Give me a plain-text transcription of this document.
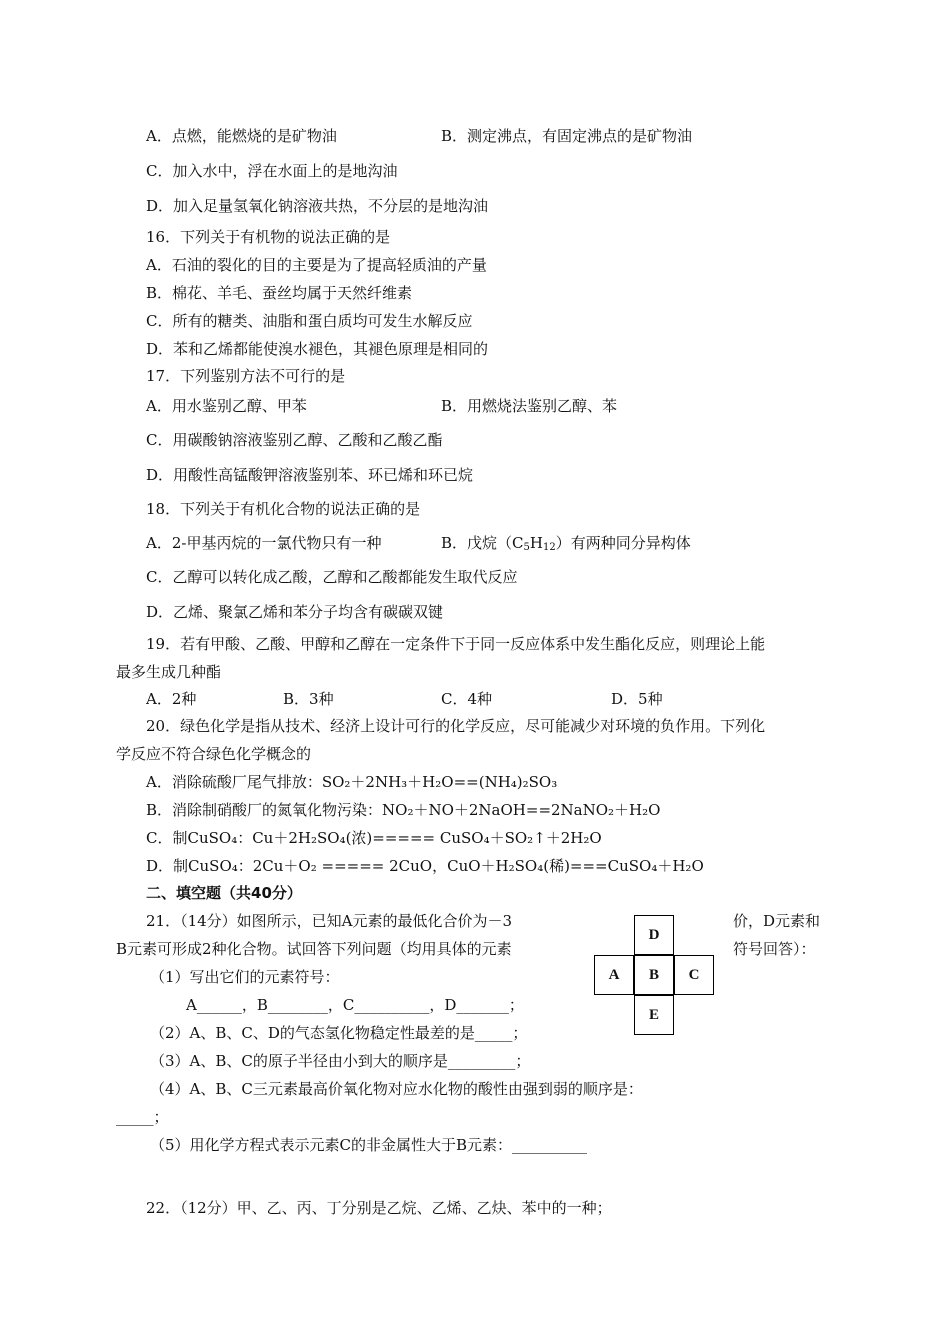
A．点燃，能燃烧的是矿物油	B．测定沸点，有固定沸点的是矿物油
C．加入水中，浮在水面上的是地沟油
D．加入足量氢氧化钠溶液共热，不分层的是地沟油
16．下列关于有机物的说法正确的是
A．石油的裂化的目的主要是为了提高轻质油的产量
B．棉花、羊毛、蚕丝均属于天然纤维素
C．所有的糖类、油脂和蛋白质均可发生水解反应
D．苯和乙烯都能使溴水褪色，其褪色原理是相同的
17．下列鉴别方法不可行的是
A．用水鉴别乙醇、甲苯	B．用燃烧法鉴别乙醇、苯
C．用碳酸钠溶液鉴别乙醇、乙酸和乙酸乙酯
D．用酸性高锰酸钾溶液鉴别苯、环已烯和环已烷
18．下列关于有机化合物的说法正确的是
A．2-甲基丙烷的一氯代物只有一种	B．戊烷$(C_5H_{12})$有两种同分异构体
C．乙醇可以转化成乙酸，乙醇和乙酸都能发生取代反应
D．乙烯、聚氯乙烯和苯分子均含有碳碳双键
19．若有甲酸、乙酸、甲醇和乙醇在一定条件下于同一反应体系中发生酯化反应，则理论上能
最多生成几种酯
A．2种	B．3种	C．4种	D．5种
20．绿色化学是指从技术、经济上设计可行的化学反应，尽可能减少对环境的负作用。下列化
学反应不符合绿色化学概念的
A．消除硫酸厂尾气排放：SO₂＋2NH₃＋H₂O==(NH₄)₂SO₃
B．消除制硝酸厂的氮氧化物污染：NO₂＋NO＋2NaOH==2NaNO₂＋H₂O
C．制CuSO₄：Cu＋2H₂SO₄(浓)===== CuSO₄＋SO₂↑＋2H₂O
D．制CuSO₄：2Cu＋O₂ ===== 2CuO，CuO＋H₂SO₄(稀)===CuSO₄＋H₂O
二、填空题（共40分）
21．（14分）如图所示，已知A元素的最低化合价为－3	价，D元素和
B元素可形成2种化合物。试回答下列问题（均用具体的元素	符号回答）：
D
A	B	C
E
（1）写出它们的元素符号：
A______，B________，C__________，D_______；
（2）A、B、C、D的气态氢化物稳定性最差的是_____；
（3）A、B、C的原子半径由小到大的顺序是_________；
（4）A、B、C三元素最高价氧化物对应水化物的酸性由强到弱的顺序是：
_____；
（5）用化学方程式表示元素C的非金属性大于B元素：__________
22．（12分）甲、乙、丙、丁分别是乙烷、乙烯、乙炔、苯中的一种；
